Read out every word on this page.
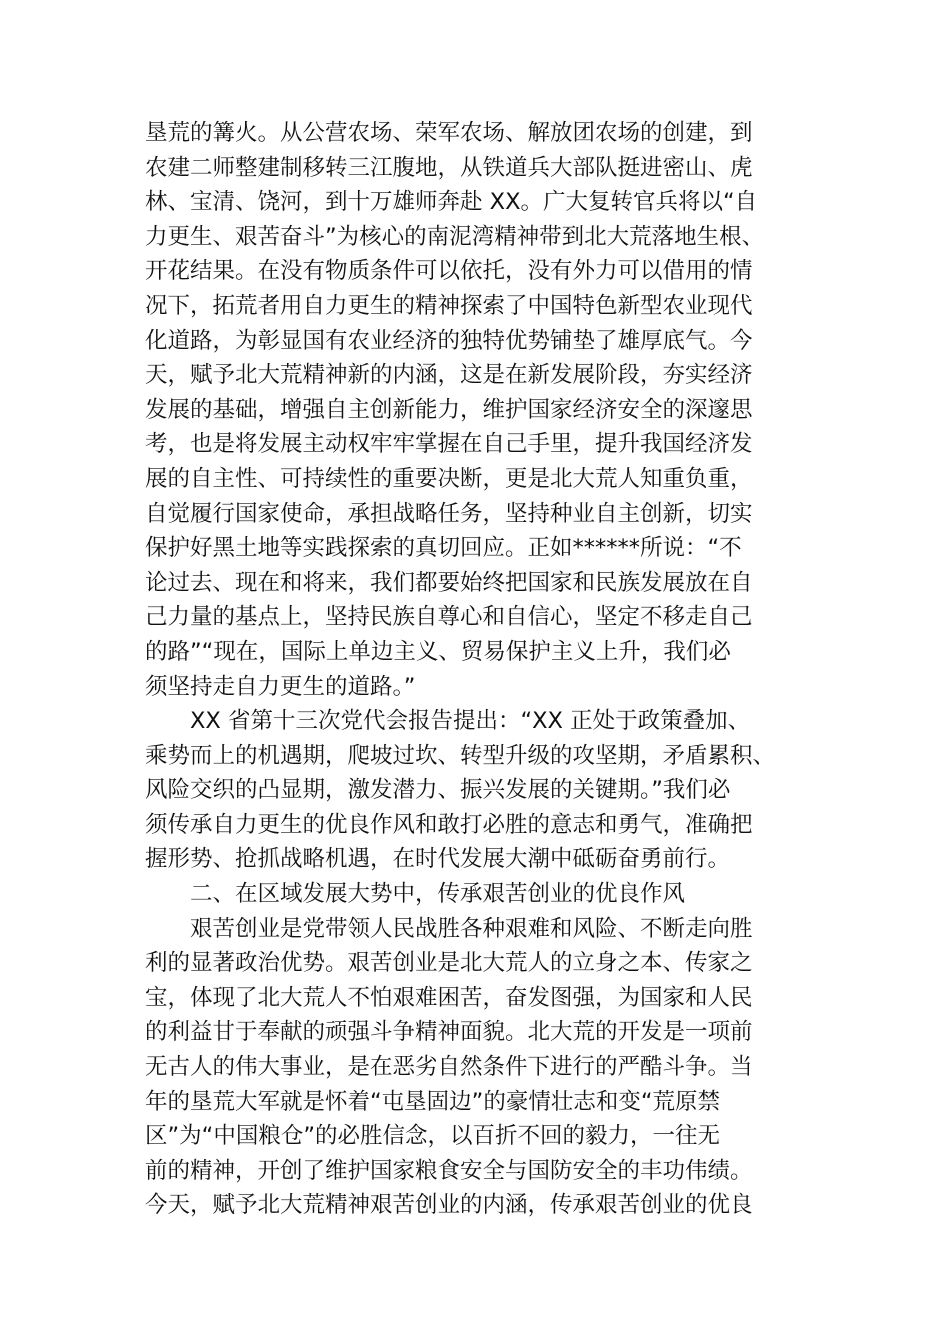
垦荒的篝火。从公营农场、荣军农场、解放团农场的创建，到
农建二师整建制移转三江腹地，从铁道兵大部队挺进密山、虎
林、宝清、饶河，到十万雄师奔赴 XX。广大复转官兵将以“自
力更生、艰苦奋斗”为核心的南泥湾精神带到北大荒落地生根、
开花结果。在没有物质条件可以依托，没有外力可以借用的情
况下，拓荒者用自力更生的精神探索了中国特色新型农业现代
化道路，为彰显国有农业经济的独特优势铺垫了雄厚底气。今
天，赋予北大荒精神新的内涵，这是在新发展阶段，夯实经济
发展的基础，增强自主创新能力，维护国家经济安全的深邃思
考，也是将发展主动权牢牢掌握在自己手里，提升我国经济发
展的自主性、可持续性的重要决断，更是北大荒人知重负重，
自觉履行国家使命，承担战略任务，坚持种业自主创新，切实
保护好黑土地等实践探索的真切回应。正如******所说：“不
论过去、现在和将来，我们都要始终把国家和民族发展放在自
己力量的基点上，坚持民族自尊心和自信心，坚定不移走自己
的路”“现在，国际上单边主义、贸易保护主义上升，我们必
须坚持走自力更生的道路。”
XX 省第十三次党代会报告提出：“XX 正处于政策叠加、
乘势而上的机遇期，爬坡过坎、转型升级的攻坚期，矛盾累积、
风险交织的凸显期，激发潜力、振兴发展的关键期。”我们必
须传承自力更生的优良作风和敢打必胜的意志和勇气，准确把
握形势、抢抓战略机遇，在时代发展大潮中砥砺奋勇前行。
二、在区域发展大势中，传承艰苦创业的优良作风
艰苦创业是党带领人民战胜各种艰难和风险、不断走向胜
利的显著政治优势。艰苦创业是北大荒人的立身之本、传家之
宝，体现了北大荒人不怕艰难困苦，奋发图强，为国家和人民
的利益甘于奉献的顽强斗争精神面貌。北大荒的开发是一项前
无古人的伟大事业，是在恶劣自然条件下进行的严酷斗争。当
年的垦荒大军就是怀着“屯垦固边”的豪情壮志和变“荒原禁
区”为“中国粮仓”的必胜信念，以百折不回的毅力，一往无
前的精神，开创了维护国家粮食安全与国防安全的丰功伟绩。
今天，赋予北大荒精神艰苦创业的内涵，传承艰苦创业的优良
